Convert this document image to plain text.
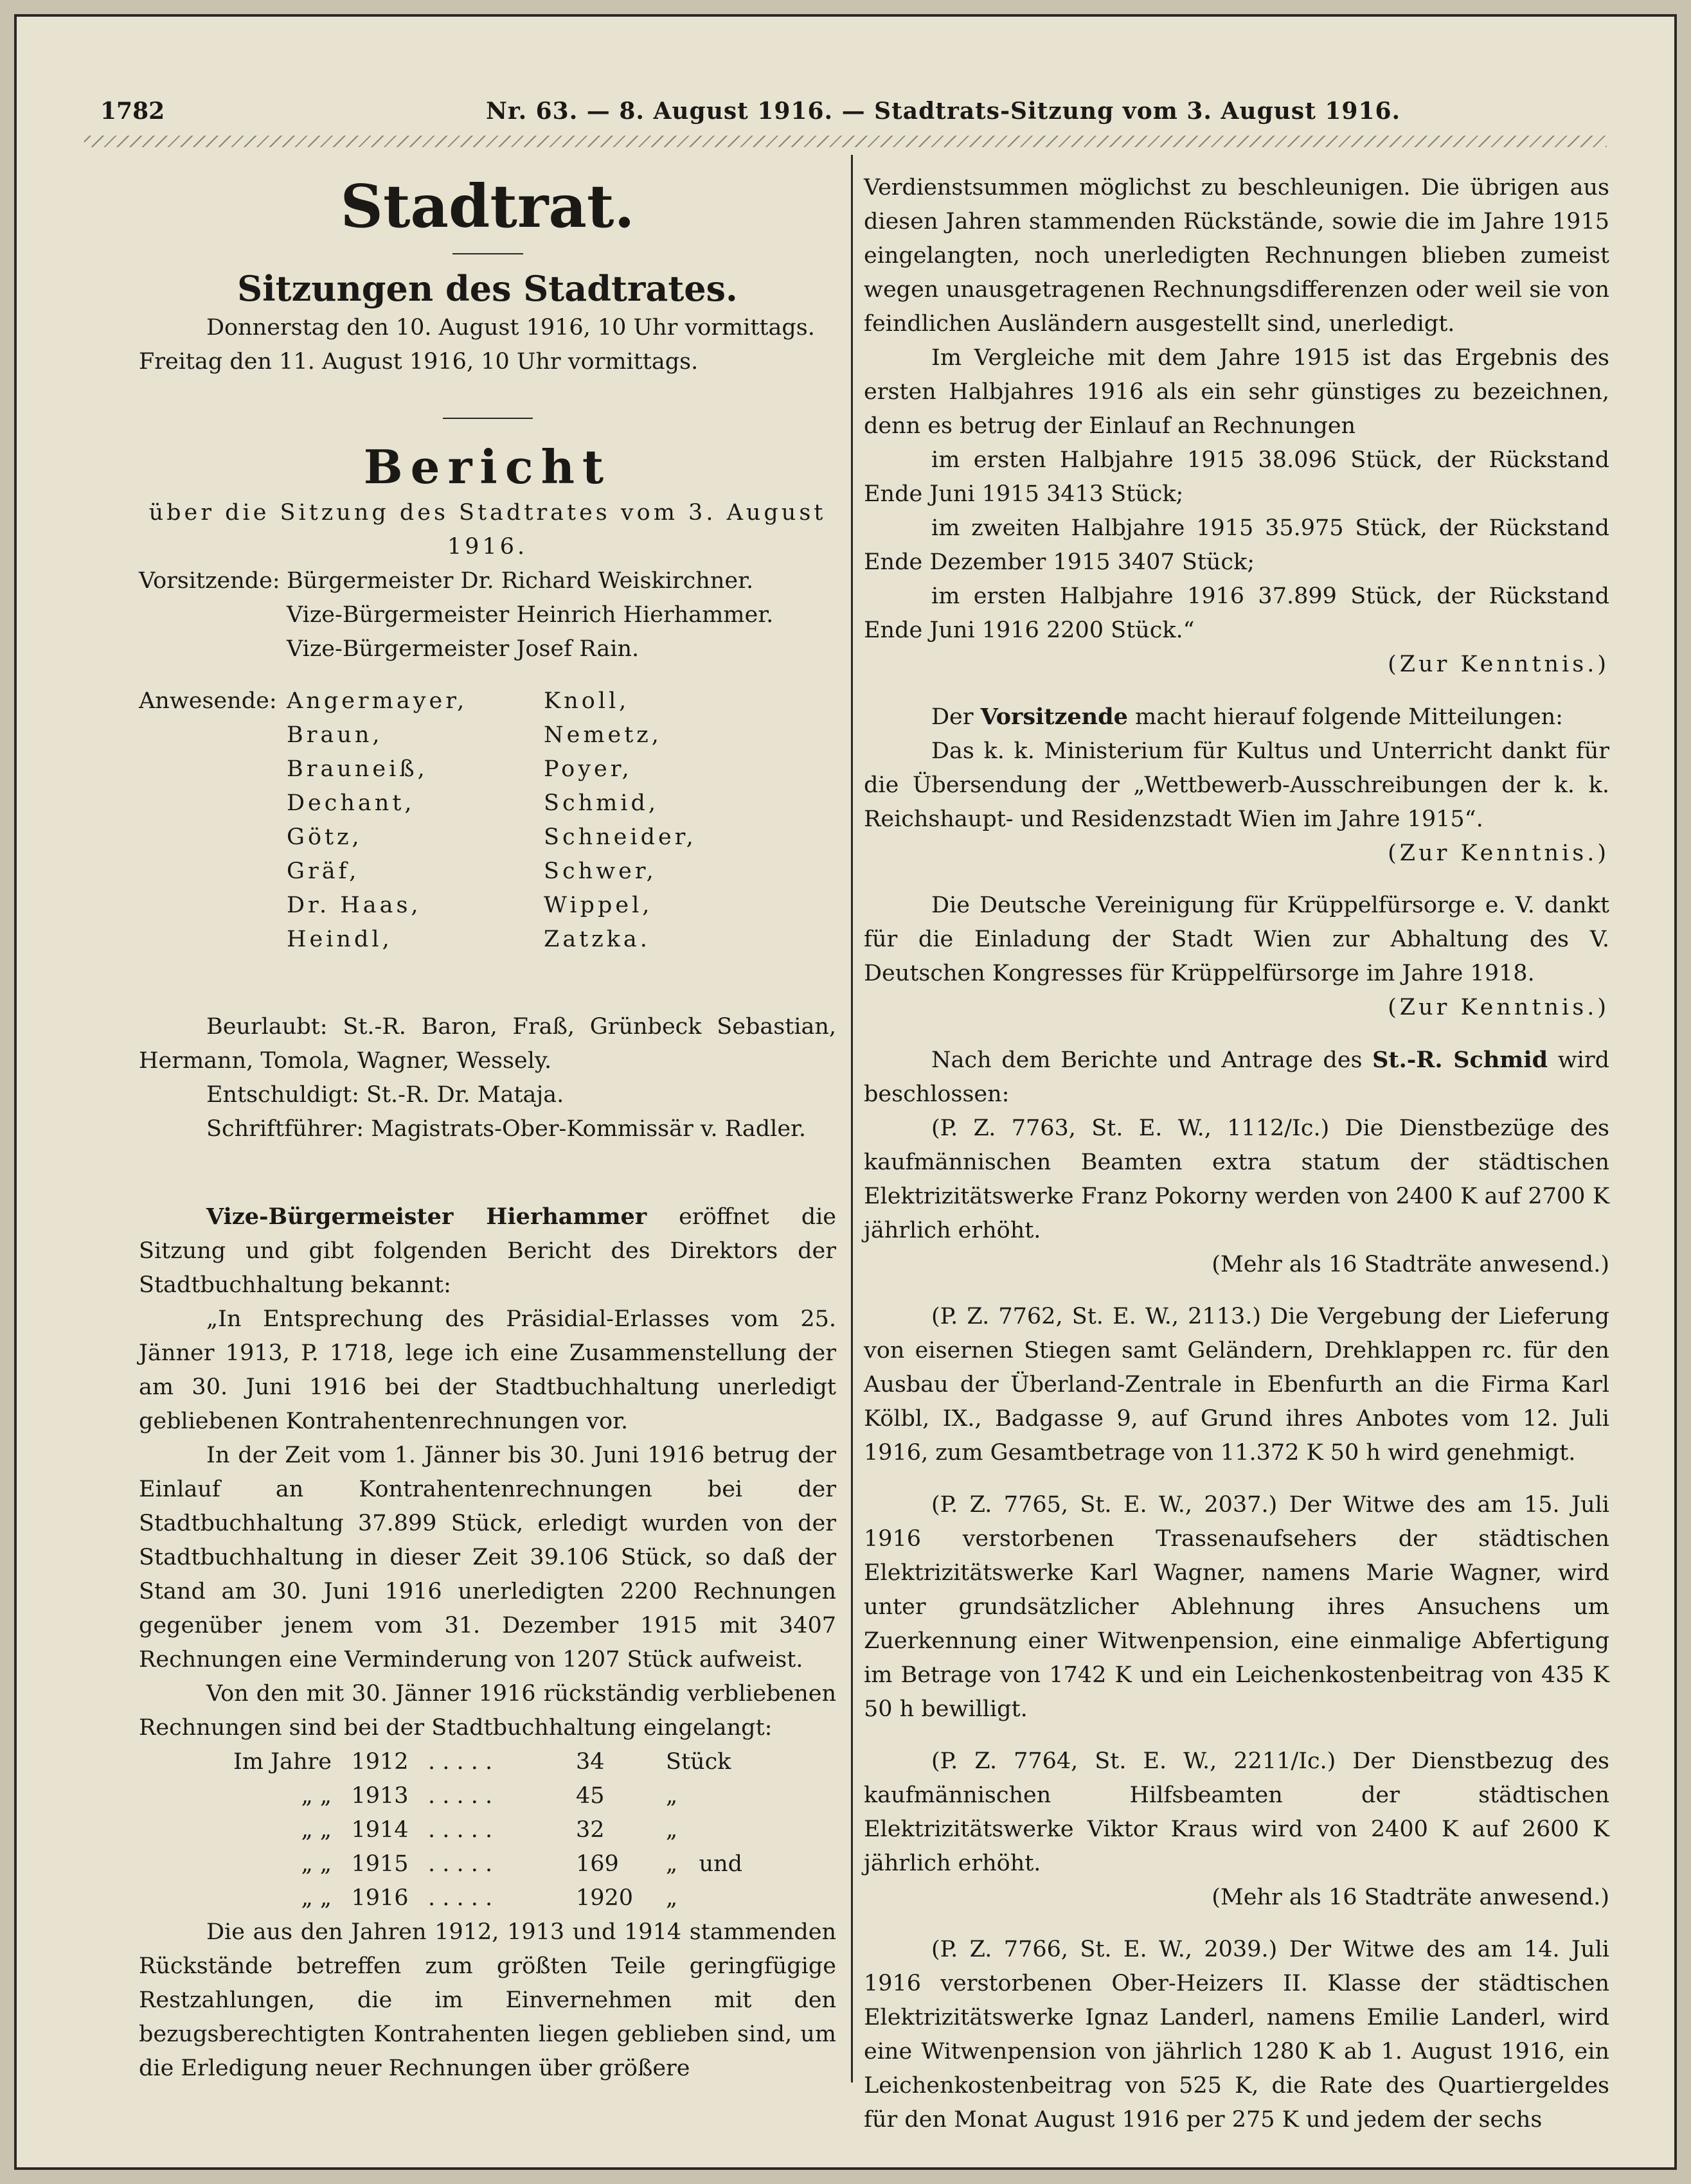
1782	Nr. 63. — 8. August 1916. — Stadtrats-Sitzung vom 3. August 1916.

Stadtrat.

Sitzungen des Stadtrates.

Donnerstag den 10. August 1916, 10 Uhr vormittags.

Freitag den 11. August 1916, 10 Uhr vormittags.

Bericht

über die Sitzung des Stadtrates vom 3. August 1916.

Vorsitzende: Bürgermeister Dr. Richard Weiskirchner.
Vize-Bürgermeister Heinrich Hierhammer.
Vize-Bürgermeister Josef Rain.
Anwesende: Angermayer,	Knoll,
Braun,	Nemetz,
Brauneiß,	Poyer,
Dechant,	Schmid,
Götz,	Schneider,
Gräf,	Schwer,
Dr. Haas,	Wippel,
Heindl,	Zatzka.

Beurlaubt: St.-R. Baron, Fraß, Grünbeck Sebastian, Hermann, Tomola, Wagner, Wessely.

Entschuldigt: St.-R. Dr. Mataja.

Schriftführer: Magistrats-Ober-Kommissär v. Radler.

Vize-Bürgermeister Hierhammer eröffnet die Sitzung und gibt folgenden Bericht des Direktors der Stadtbuchhaltung bekannt:

„In Entsprechung des Präsidial-Erlasses vom 25. Jänner 1913, P. 1718, lege ich eine Zusammenstellung der am 30. Juni 1916 bei der Stadtbuchhaltung unerledigt gebliebenen Kontrahentenrechnungen vor.

In der Zeit vom 1. Jänner bis 30. Juni 1916 betrug der Einlauf an Kontrahentenrechnungen bei der Stadtbuchhaltung 37.899 Stück, erledigt wurden von der Stadtbuchhaltung in dieser Zeit 39.106 Stück, so daß der Stand am 30. Juni 1916 unerledigten 2200 Rechnungen gegenüber jenem vom 31. Dezember 1915 mit 3407 Rechnungen eine Verminderung von 1207 Stück aufweist.

Von den mit 30. Jänner 1916 rückständig verbliebenen Rechnungen sind bei der Stadtbuchhaltung eingelangt:

Im Jahre 1912 . . . . .	34	Stück
„ „ 1913 . . . . .	45	„
„ „ 1914 . . . . .	32	„
„ „ 1915 . . . . .	169	„ und
„ „ 1916 . . . . .	1920	„

Die aus den Jahren 1912, 1913 und 1914 stammenden Rückstände betreffen zum größten Teile geringfügige Restzahlungen, die im Einvernehmen mit den bezugsberechtigten Kontrahenten liegen geblieben sind, um die Erledigung neuer Rechnungen über größere

Verdienstsummen möglichst zu beschleunigen. Die übrigen aus diesen Jahren stammenden Rückstände, sowie die im Jahre 1915 eingelangten, noch unerledigten Rechnungen blieben zumeist wegen unausgetragenen Rechnungsdifferenzen oder weil sie von feindlichen Ausländern ausgestellt sind, unerledigt.

Im Vergleiche mit dem Jahre 1915 ist das Ergebnis des ersten Halbjahres 1916 als ein sehr günstiges zu bezeichnen, denn es betrug der Einlauf an Rechnungen

im ersten Halbjahre 1915 38.096 Stück, der Rückstand Ende Juni 1915 3413 Stück;

im zweiten Halbjahre 1915 35.975 Stück, der Rückstand Ende Dezember 1915 3407 Stück;

im ersten Halbjahre 1916 37.899 Stück, der Rückstand Ende Juni 1916 2200 Stück.“

(Zur Kenntnis.)

Der Vorsitzende macht hierauf folgende Mitteilungen:

Das k. k. Ministerium für Kultus und Unterricht dankt für die Übersendung der „Wettbewerb-Ausschreibungen der k. k. Reichshaupt- und Residenzstadt Wien im Jahre 1915“.

(Zur Kenntnis.)

Die Deutsche Vereinigung für Krüppelfürsorge e. V. dankt für die Einladung der Stadt Wien zur Abhaltung des V. Deutschen Kongresses für Krüppelfürsorge im Jahre 1918.

(Zur Kenntnis.)

Nach dem Berichte und Antrage des St.-R. Schmid wird beschlossen:

(P. Z. 7763, St. E. W., 1112/Ic.) Die Dienstbezüge des kaufmännischen Beamten extra statum der städtischen Elektrizitätswerke Franz Pokorny werden von 2400 K auf 2700 K jährlich erhöht.

(Mehr als 16 Stadträte anwesend.)

(P. Z. 7762, St. E. W., 2113.) Die Vergebung der Lieferung von eisernen Stiegen samt Geländern, Drehklappen rc. für den Ausbau der Überland-Zentrale in Ebenfurth an die Firma Karl Kölbl, IX., Badgasse 9, auf Grund ihres Anbotes vom 12. Juli 1916, zum Gesamtbetrage von 11.372 K 50 h wird genehmigt.

(P. Z. 7765, St. E. W., 2037.) Der Witwe des am 15. Juli 1916 verstorbenen Trassenaufsehers der städtischen Elektrizitätswerke Karl Wagner, namens Marie Wagner, wird unter grundsätzlicher Ablehnung ihres Ansuchens um Zuerkennung einer Witwenpension, eine einmalige Abfertigung im Betrage von 1742 K und ein Leichenkostenbeitrag von 435 K 50 h bewilligt.

(P. Z. 7764, St. E. W., 2211/Ic.) Der Dienstbezug des kaufmännischen Hilfsbeamten der städtischen Elektrizitätswerke Viktor Kraus wird von 2400 K auf 2600 K jährlich erhöht.

(Mehr als 16 Stadträte anwesend.)

(P. Z. 7766, St. E. W., 2039.) Der Witwe des am 14. Juli 1916 verstorbenen Ober-Heizers II. Klasse der städtischen Elektrizitätswerke Ignaz Landerl, namens Emilie Landerl, wird eine Witwenpension von jährlich 1280 K ab 1. August 1916, ein Leichenkostenbeitrag von 525 K, die Rate des Quartiergeldes für den Monat August 1916 per 275 K und jedem der sechs
